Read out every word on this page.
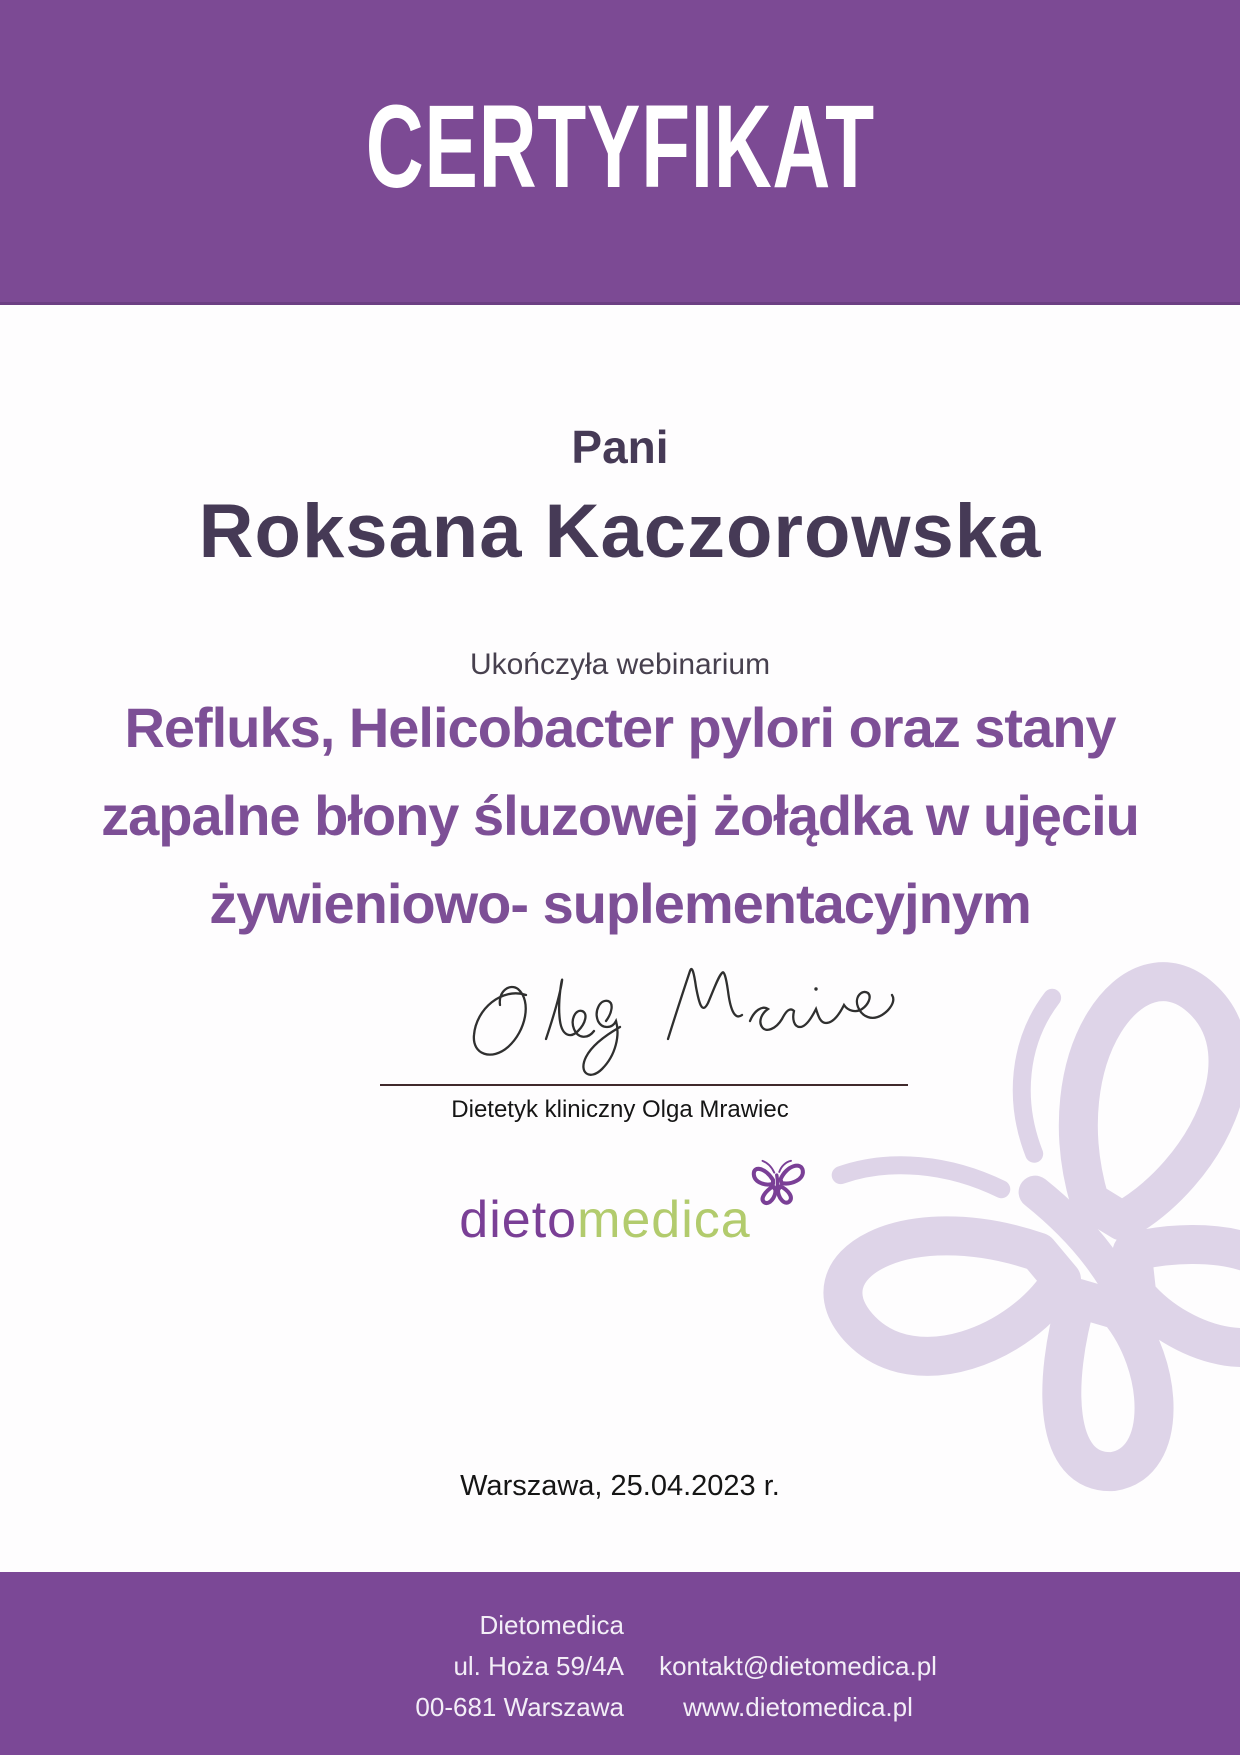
CERTYFIKAT
Pani
Roksana Kaczorowska
Ukończyła webinarium
Refluks, Helicobacter pylori oraz stany
zapalne błony śluzowej żołądka w ujęciu
żywieniowo- suplementacyjnym
Dietetyk kliniczny Olga Mrawiec
dietomedica
Warszawa, 25.04.2023 r.
Dietomedica
ul. Hoża 59/4A
00-681 Warszawa
kontakt@dietomedica.pl
www.dietomedica.pl
